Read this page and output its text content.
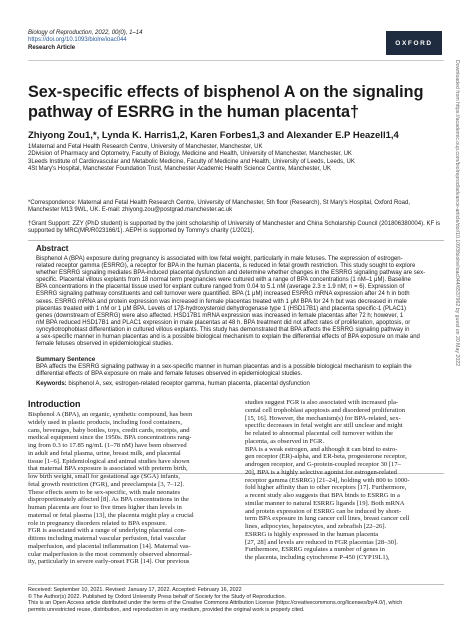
Biology of Reproduction, 2022, 00(0), 1–14
https://doi.org/10.1093/biolre/ioac044
Research Article
OXFORD
Sex-specific effects of bisphenol A on the signaling pathway of ESRRG in the human placenta†
Zhiyong Zou1,*, Lynda K. Harris1,2, Karen Forbes1,3 and Alexander E.P Heazell1,4
1Maternal and Fetal Health Research Centre, University of Manchester, Manchester, UK
2Division of Pharmacy and Optometry, Faculty of Biology, Medicine and Health, University of Manchester, Manchester, UK
3Leeds Institute of Cardiovascular and Metabolic Medicine, Faculty of Medicine and Health, University of Leeds, Leeds, UK
4St Mary's Hospital, Manchester Foundation Trust, Manchester Academic Health Science Centre, Manchester, UK
*Correspondence: Maternal and Fetal Health Research Centre, University of Manchester, 5th floor (Research), St Mary's Hospital, Oxford Road,
Manchester M13 9WL, UK. E-mail: zhiyong.zou@postgrad.manchester.ac.uk
†Grant Support: ZZY (PhD student) is supported by the joint scholarship of University of Manchester and China Scholarship Council (201806380004). KF is
supported by MRC(MR/R023166/1). AEPH is supported by Tommy's charity (1/2021).
Abstract
Bisphenol A (BPA) exposure during pregnancy is associated with low fetal weight, particularly in male fetuses. The expression of estrogen-
related receptor gamma (ESRRG), a receptor for BPA in the human placenta, is reduced in fetal growth restriction. This study sought to explore
whether ESRRG signaling mediates BPA-induced placental dysfunction and determine whether changes in the ESRRG signaling pathway are sex-
specific. Placental villous explants from 18 normal term pregnancies were cultured with a range of BPA concentrations (1 nM–1 μM). Baseline
BPA concentrations in the placental tissue used for explant culture ranged from 0.04 to 5.1 nM (average 2.3 ± 1.9 nM; n = 6). Expression of
ESRRG signaling pathway constituents and cell turnover were quantified. BPA (1 μM) increased ESRRG mRNA expression after 24 h in both
sexes. ESRRG mRNA and protein expression was increased in female placentas treated with 1 μM BPA for 24 h but was decreased in male
placentas treated with 1 nM or 1 μM BPA. Levels of 17β-hydroxysteroid dehydrogenase type 1 (HSD17B1) and placenta specific-1 (PLAC1)
genes (downstream of ESRRG) were also affected. HSD17B1 mRNA expression was increased in female placentas after 72 h; however, 1
nM BPA reduced HSD17B1 and PLAC1 expression in male placentas at 48 h. BPA treatment did not affect rates of proliferation, apoptosis, or
syncytiotrophoblast differentiation in cultured villous explants. This study has demonstrated that BPA affects the ESRRG signaling pathway in
a sex-specific manner in human placentas and is a possible biological mechanism to explain the differential effects of BPA exposure on male and
female fetuses observed in epidemiological studies.
Summary Sentence
BPA affects the ESRRG signaling pathway in a sex-specific manner in human placentas and is a possible biological mechanism to explain the
differential effects of BPA exposure on male and female fetuses observed in epidemiological studies.
Keywords: bisphenol A, sex, estrogen-related receptor gamma, human placenta, placental dysfunction
Introduction
Bisphenol A (BPA), an organic, synthetic compound, has been
widely used in plastic products, including food containers,
cans, beverages, baby bottles, toys, credit cards, receipts, and
medical equipment since the 1950s. BPA concentrations rang-
ing from 0.3 to 17.85 ng/mL (1–78 nM) have been observed
in adult and fetal plasma, urine, breast milk, and placental
tissue [1–6]. Epidemiological and animal studies have shown
that maternal BPA exposure is associated with preterm birth,
low birth weight, small for gestational age (SGA) infants,
fetal growth restriction (FGR), and preeclampsia [3, 7–12].
These effects seem to be sex-specific, with male neonates
disproportionately affected [8]. As BPA concentrations in the
human placenta are four to five times higher than levels in
maternal or fetal plasma [13], the placenta might play a crucial
role in pregnancy disorders related to BPA exposure.
FGR is associated with a range of underlying placental con-
ditions including maternal vascular perfusion, fetal vascular
malperfusion, and placental inflammation [14]. Maternal vas-
cular malperfusion is the most commonly observed abnormal-
ity, particularly in severe early-onset FGR [14]. Our previous
studies suggest FGR is also associated with increased pla-
cental cell trophoblast apoptosis and disordered proliferation
[15, 16]. However, the mechanism(s) for BPA-related, sex-
specific decreases in fetal weight are still unclear and might
be related to abnormal placental cell turnover within the
placenta, as observed in FGR.
BPA is a weak estrogen, and although it can bind to estro-
gen receptor (ER)-alpha, and ER-beta, progesterone receptor,
androgen receptor, and G-protein-coupled receptor 30 [17–
20], BPA is a highly selective agonist for estrogen-related
receptor gamma (ESRRG) [21–24], holding with 800 to 1000-
fold higher affinity than to other receptors [17]. Furthermore,
a recent study also suggests that BPA binds to ESRRG in a
similar manner to natural ESRRG ligands [19]. Both mRNA
and protein expression of ESRRG can be induced by short-
term BPA exposure in lung cancer cell lines, breast cancer cell
lines, adipocytes, hepatocytes, and zebrafish [22–26].
ESRRG is highly expressed in the human placenta
[27, 28] and levels are reduced in FGR placentas [28–30].
Furthermore, ESRRG regulates a number of genes in
the placenta, including cytochrome P-450 (CYP19L1),
Received: September 10, 2021. Revised: January 17, 2022. Accepted: February 16, 2022
© The Author(s) 2022. Published by Oxford University Press behalf of Society for the Study of Reproduction.
This is an Open Access article distributed under the terms of the Creative Commons Attribution License (https://creativecommons.org/licenses/by/4.0/), which
permits unrestricted reuse, distribution, and reproduction in any medium, provided the original work is properly cited.
Downloaded from https://academic.oup.com/biolreprod/advance-article/doi/10.1093/biolre/ioac044/6537962 by guest on 20 May 2022
